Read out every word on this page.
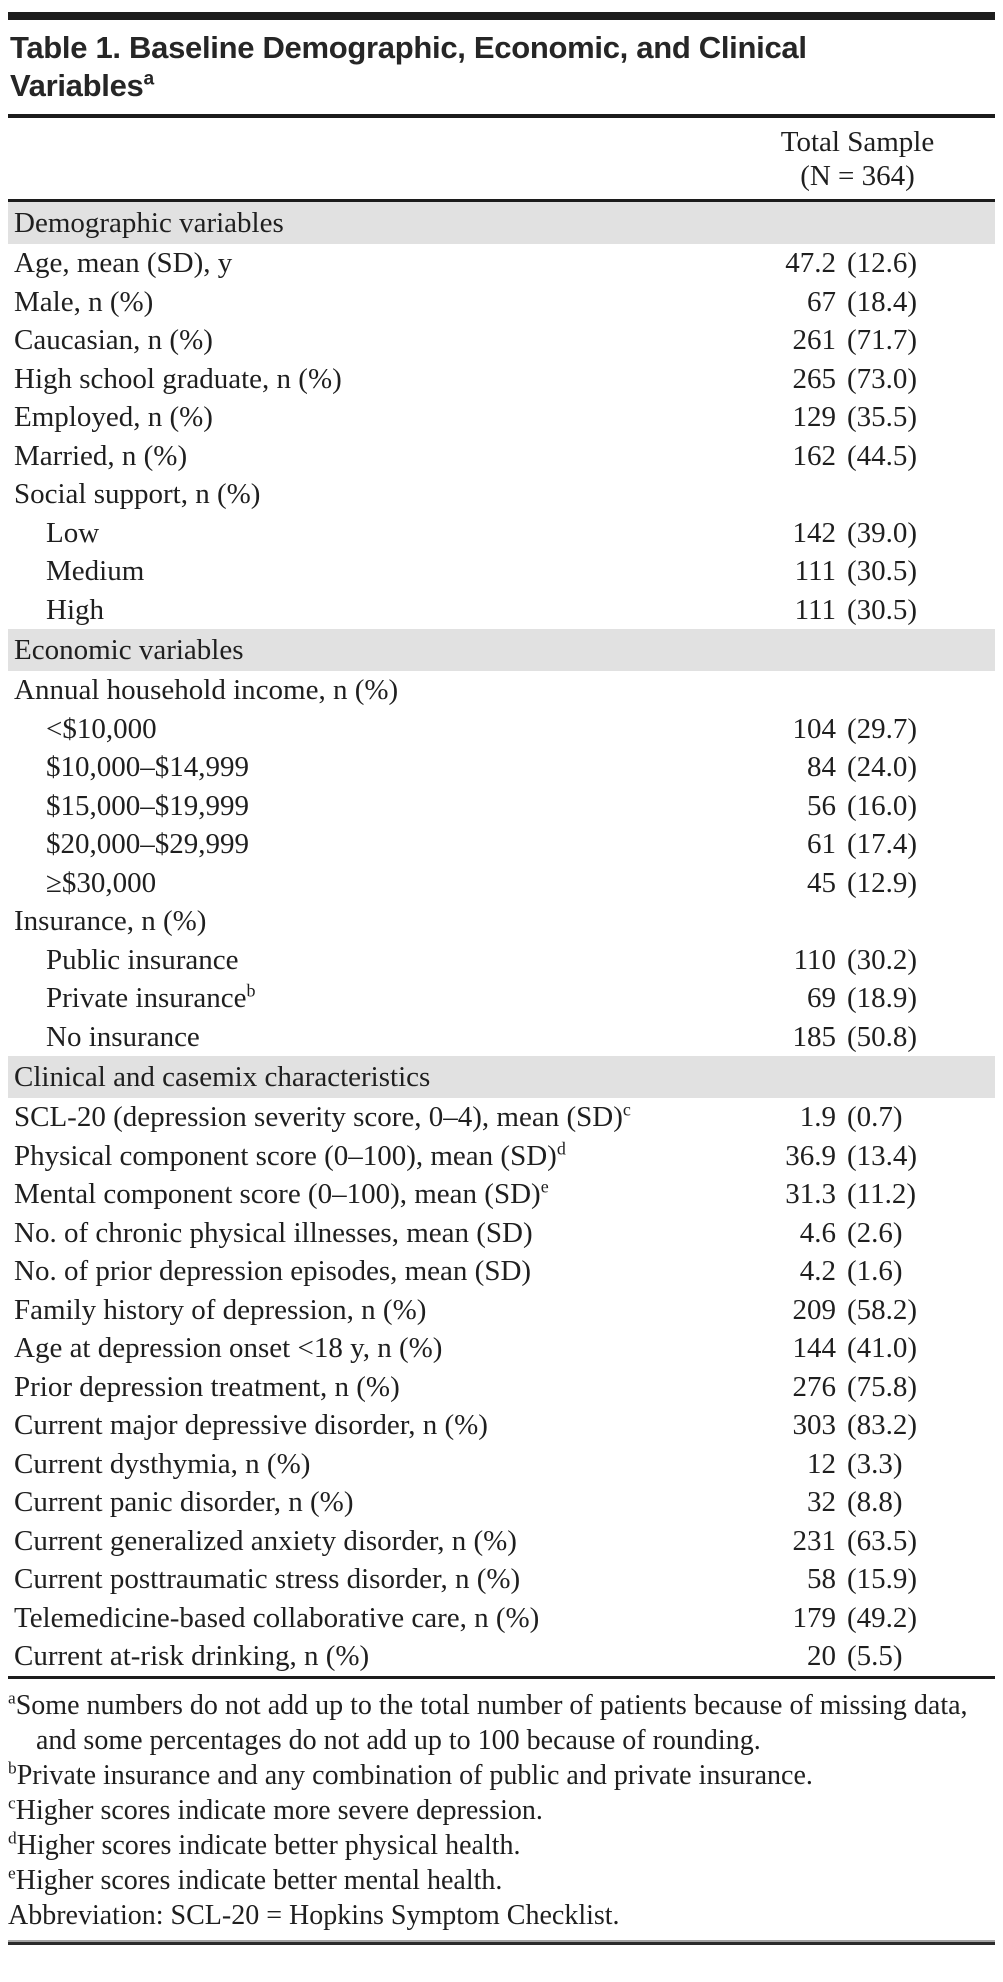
Table 1. Baseline Demographic, Economic, and Clinical
Variables$^a$
Total Sample
(N = 364)
Demographic variables
Age, mean (SD), y	47.2 (12.6)
Male, n (%)	67 (18.4)
Caucasian, n (%)	261 (71.7)
High school graduate, n (%)	265 (73.0)
Employed, n (%)	129 (35.5)
Married, n (%)	162 (44.5)
Social support, n (%)
Low	142 (39.0)
Medium	111 (30.5)
High	111 (30.5)
Economic variables
Annual household income, n (%)
<$10,000	104 (29.7)
$10,000–$14,999	84 (24.0)
$15,000–$19,999	56 (16.0)
$20,000–$29,999	61 (17.4)
≥$30,000	45 (12.9)
Insurance, n (%)
Public insurance	110 (30.2)
Private insurance$^b$	69 (18.9)
No insurance	185 (50.8)
Clinical and casemix characteristics
SCL-20 (depression severity score, 0–4), mean (SD)$^c$	1.9 (0.7)
Physical component score (0–100), mean (SD)$^d$	36.9 (13.4)
Mental component score (0–100), mean (SD)$^e$	31.3 (11.2)
No. of chronic physical illnesses, mean (SD)	4.6 (2.6)
No. of prior depression episodes, mean (SD)	4.2 (1.6)
Family history of depression, n (%)	209 (58.2)
Age at depression onset <18 y, n (%)	144 (41.0)
Prior depression treatment, n (%)	276 (75.8)
Current major depressive disorder, n (%)	303 (83.2)
Current dysthymia, n (%)	12 (3.3)
Current panic disorder, n (%)	32 (8.8)
Current generalized anxiety disorder, n (%)	231 (63.5)
Current posttraumatic stress disorder, n (%)	58 (15.9)
Telemedicine-based collaborative care, n (%)	179 (49.2)
Current at-risk drinking, n (%)	20 (5.5)
$^a$Some numbers do not add up to the total number of patients because of missing data, and some percentages do not add up to 100 because of rounding.
$^b$Private insurance and any combination of public and private insurance.
$^c$Higher scores indicate more severe depression.
$^d$Higher scores indicate better physical health.
$^e$Higher scores indicate better mental health.
Abbreviation: SCL-20 = Hopkins Symptom Checklist.
